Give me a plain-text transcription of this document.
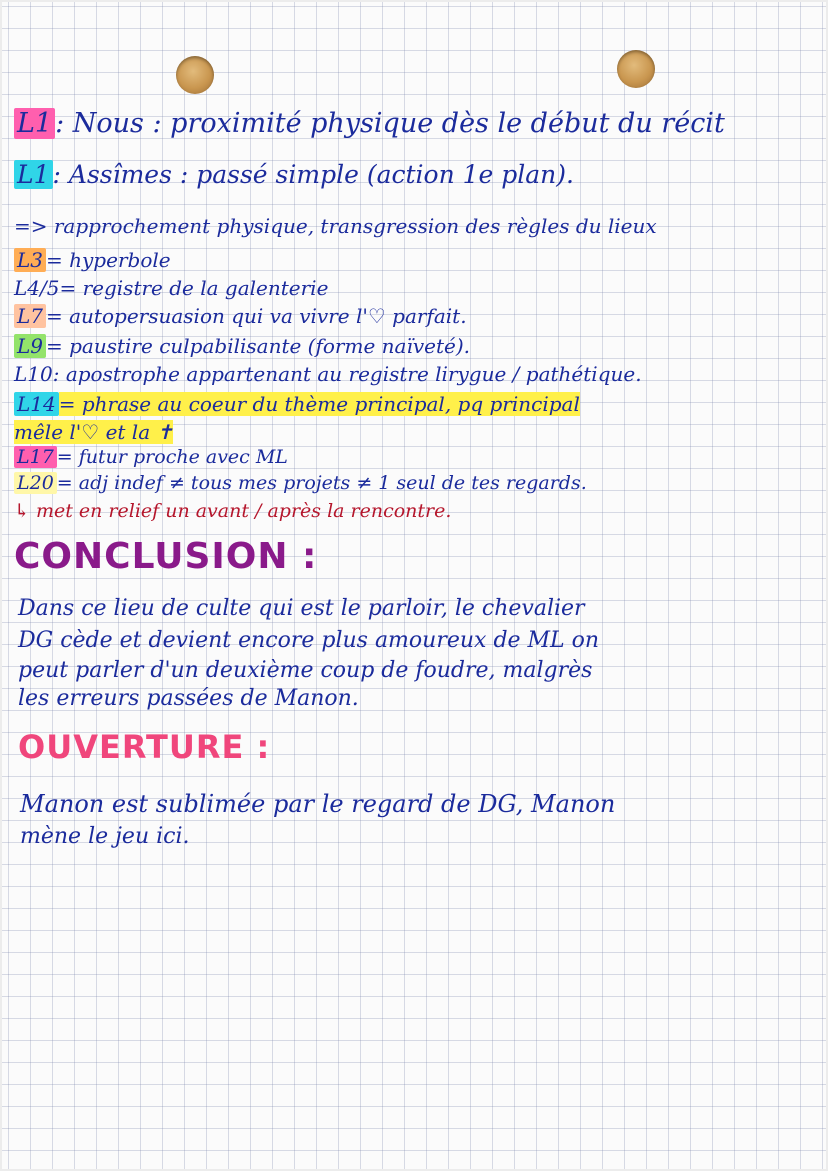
L1 : Nous : proximité physique dès le début du récit
L1 : Assîmes : passé simple (action 1e plan).
=> rapprochement physique, transgression des règles du lieux
L3 = hyperbole
L4/5= registre de la galenterie
L7 = autopersuasion qui va vivre l'♡ parfait.
L9 = paustire culpabilisante (forme naïveté).
L10: apostrophe appartenant au registre lirygue / pathétique.
L14 = phrase au coeur du thème principal, pq principal
mêle l'♡ et la ✝
L17 = futur proche avec ML
L20 = adj indef ≠ tous mes projets ≠ 1 seul de tes regards.
↳ met en relief un avant / après la rencontre.
CONCLUSION :
Dans ce lieu de culte qui est le parloir, le chevalier
DG cède et devient encore plus amoureux de ML on
peut parler d'un deuxième coup de foudre, malgrès
les erreurs passées de Manon.
OUVERTURE :
Manon est sublimée par le regard de DG, Manon
mène le jeu ici.
